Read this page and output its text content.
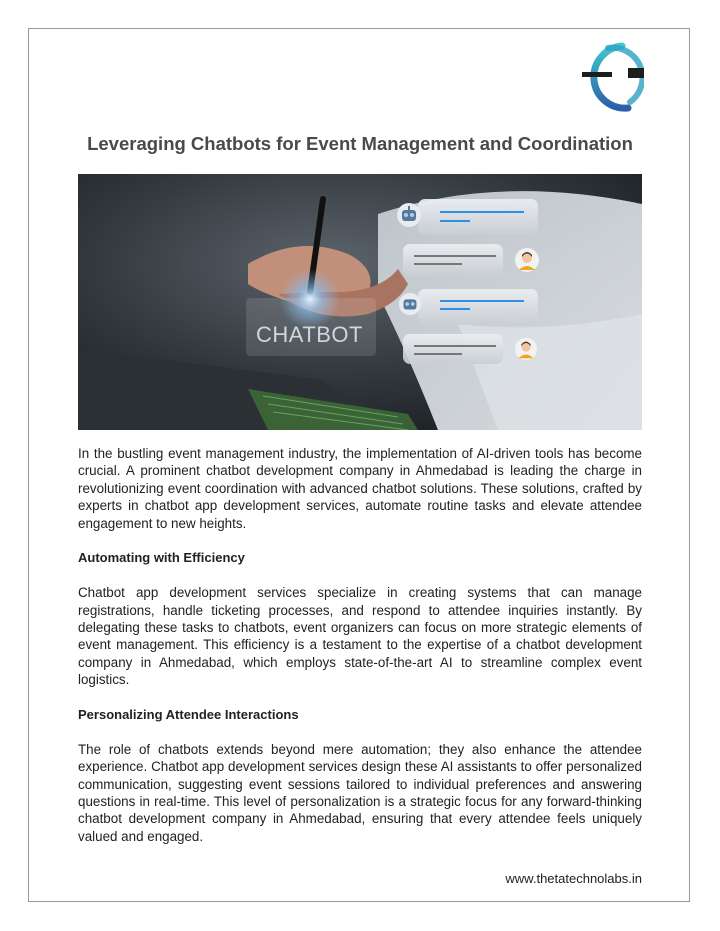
Leveraging Chatbots for Event Management and Coordination
CHATBOT

In the bustling event management industry, the implementation of AI-driven tools has become crucial. A prominent chatbot development company in Ahmedabad is leading the charge in revolutionizing event coordination with advanced chatbot solutions. These solutions, crafted by experts in chatbot app development services, automate routine tasks and elevate attendee engagement to new heights.

Automating with Efficiency

Chatbot app development services specialize in creating systems that can manage registrations, handle ticketing processes, and respond to attendee inquiries instantly. By delegating these tasks to chatbots, event organizers can focus on more strategic elements of event management. This efficiency is a testament to the expertise of a chatbot development company in Ahmedabad, which employs state-of-the-art AI to streamline complex event logistics.

Personalizing Attendee Interactions

The role of chatbots extends beyond mere automation; they also enhance the attendee experience. Chatbot app development services design these AI assistants to offer personalized communication, suggesting event sessions tailored to individual preferences and answering questions in real-time. This level of personalization is a strategic focus for any forward-thinking chatbot development company in Ahmedabad, ensuring that every attendee feels uniquely valued and engaged.

www.thetatechnolabs.in
